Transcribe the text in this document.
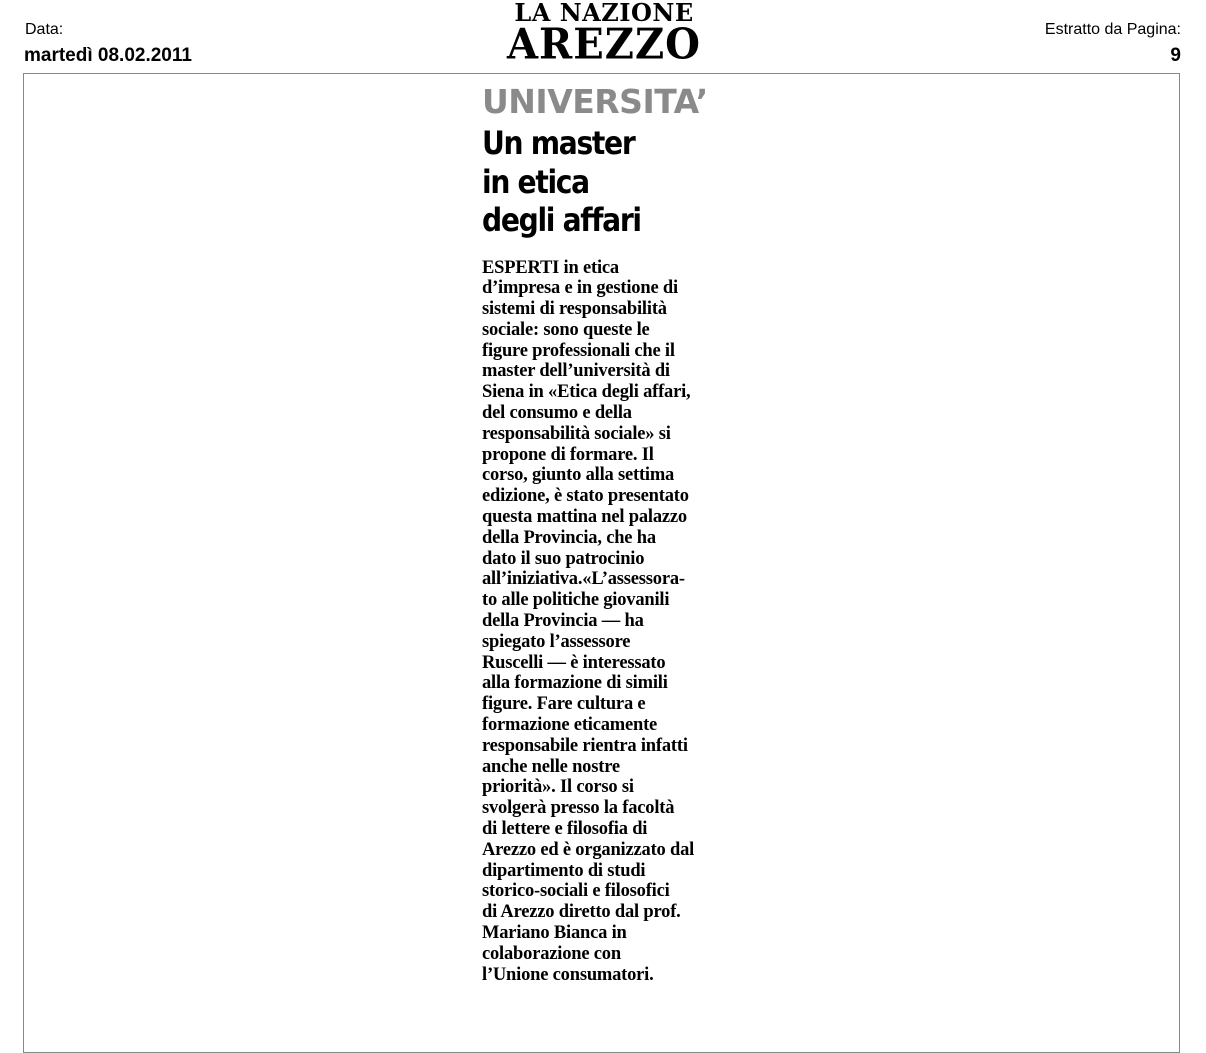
Data:
martedì 08.02.2011
LA NAZIONE
AREZZO	Estratto da Pagina:
9
UNIVERSITA’
Un master
in etica
degli affari
ESPERTI in etica
d’impresa e in gestione di
sistemi di responsabilità
sociale: sono queste le
figure professionali che il
master dell’università di
Siena in «Etica degli affari,
del consumo e della
responsabilità sociale» si
propone di formare. Il
corso, giunto alla settima
edizione, è stato presentato
questa mattina nel palazzo
della Provincia, che ha
dato il suo patrocinio
all’iniziativa.«L’assessora-
to alle politiche giovanili
della Provincia — ha
spiegato l’assessore
Ruscelli — è interessato
alla formazione di simili
figure. Fare cultura e
formazione eticamente
responsabile rientra infatti
anche nelle nostre
priorità». Il corso si
svolgerà presso la facoltà
di lettere e filosofia di
Arezzo ed è organizzato dal
dipartimento di studi
storico-sociali e filosofici
di Arezzo diretto dal prof.
Mariano Bianca in
colaborazione con
l’Unione consumatori.
